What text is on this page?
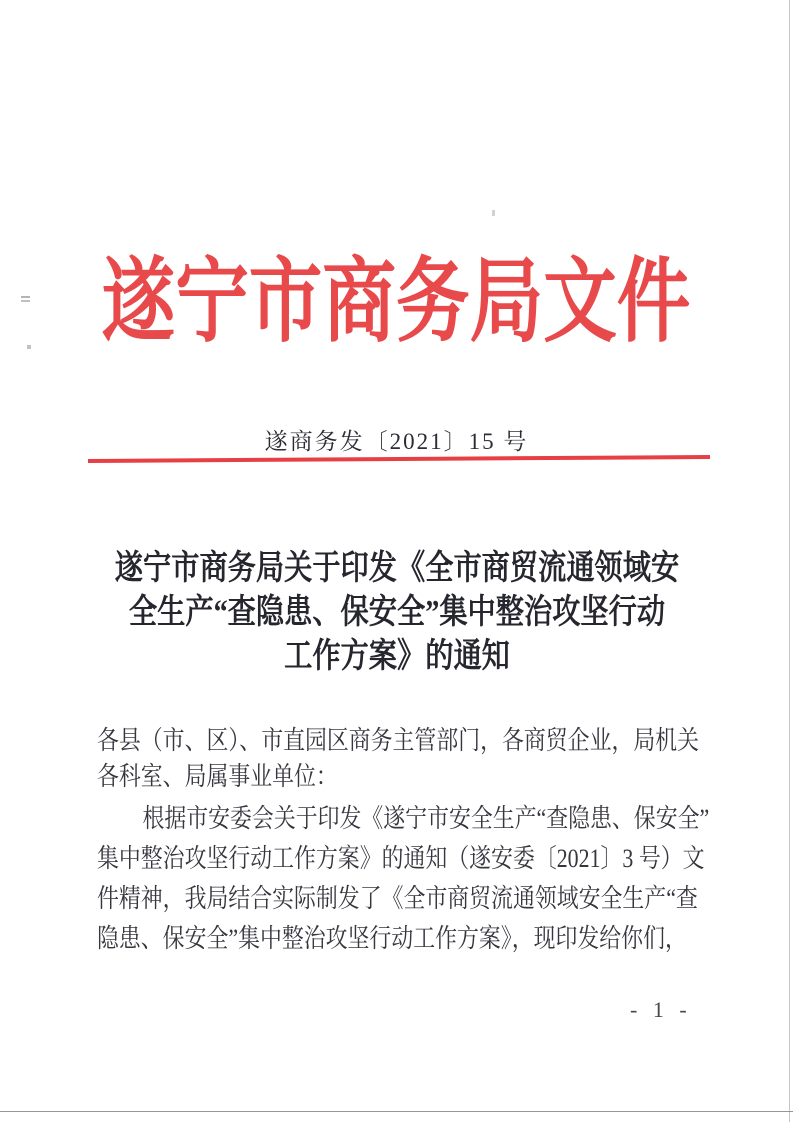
遂宁市商务局文件
遂商务发〔2021〕15 号
遂宁市商务局关于印发《全市商贸流通领域安
全生产“查隐患、保安全”集中整治攻坚行动
工作方案》的通知
各县（市、区）、市直园区商务主管部门，各商贸企业，局机关
各科室、局属事业单位：
根据市安委会关于印发《遂宁市安全生产“查隐患、保安全”
集中整治攻坚行动工作方案》的通知（遂安委〔2021〕3 号）文
件精神，我局结合实际制发了《全市商贸流通领域安全生产“查
隐患、保安全”集中整治攻坚行动工作方案》，现印发给你们，
- 1 -
